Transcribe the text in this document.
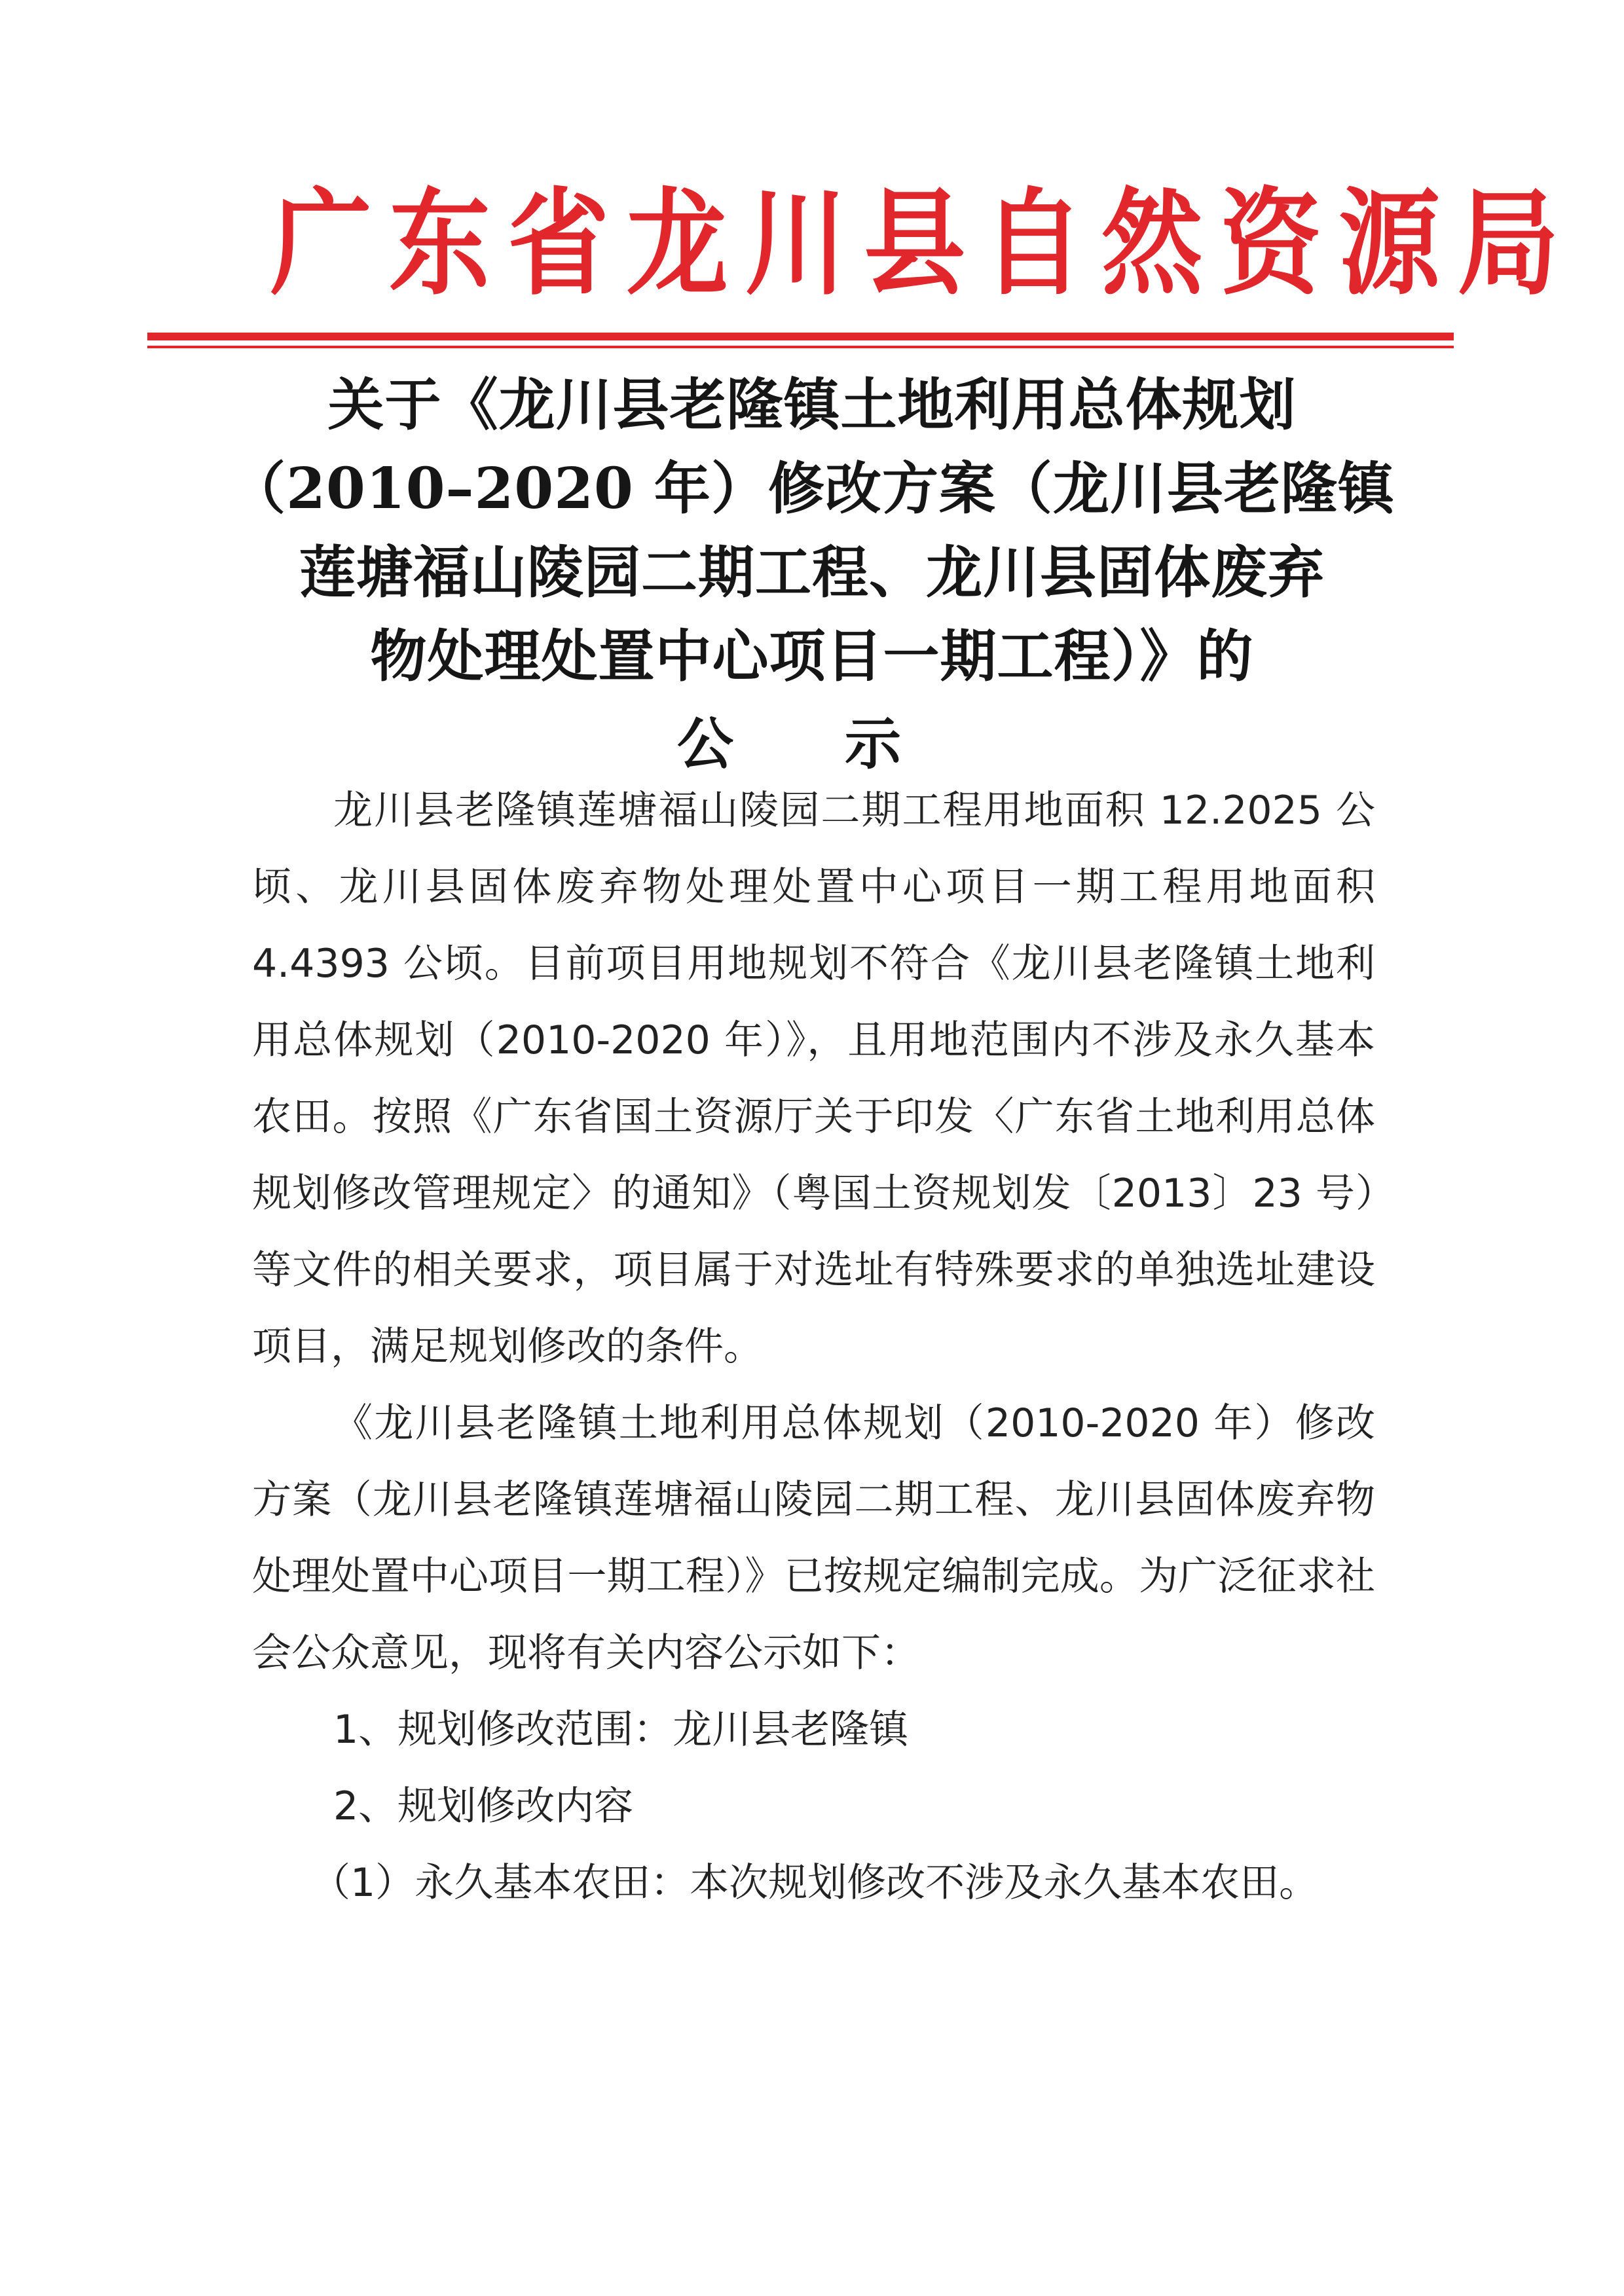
广东省龙川县自然资源局
关于《龙川县老隆镇土地利用总体规划
（2010–2020 年）修改方案（龙川县老隆镇
莲塘福山陵园二期工程、龙川县固体废弃
物处理处置中心项目一期工程）》的
公 示

龙川县老隆镇莲塘福山陵园二期工程用地面积 12.2025 公顷、龙川县固体废弃物处理处置中心项目一期工程用地面积 4.4393 公顷。目前项目用地规划不符合《龙川县老隆镇土地利用总体规划（2010-2020 年）》，且用地范围内不涉及永久基本农田。按照《广东省国土资源厅关于印发〈广东省土地利用总体规划修改管理规定〉的通知》（粤国土资规划发〔2013〕23 号）等文件的相关要求，项目属于对选址有特殊要求的单独选址建设项目，满足规划修改的条件。

《龙川县老隆镇土地利用总体规划（2010-2020 年）修改方案（龙川县老隆镇莲塘福山陵园二期工程、龙川县固体废弃物处理处置中心项目一期工程）》已按规定编制完成。为广泛征求社会公众意见，现将有关内容公示如下：

1、规划修改范围：龙川县老隆镇

2、规划修改内容

（1）永久基本农田：本次规划修改不涉及永久基本农田。
